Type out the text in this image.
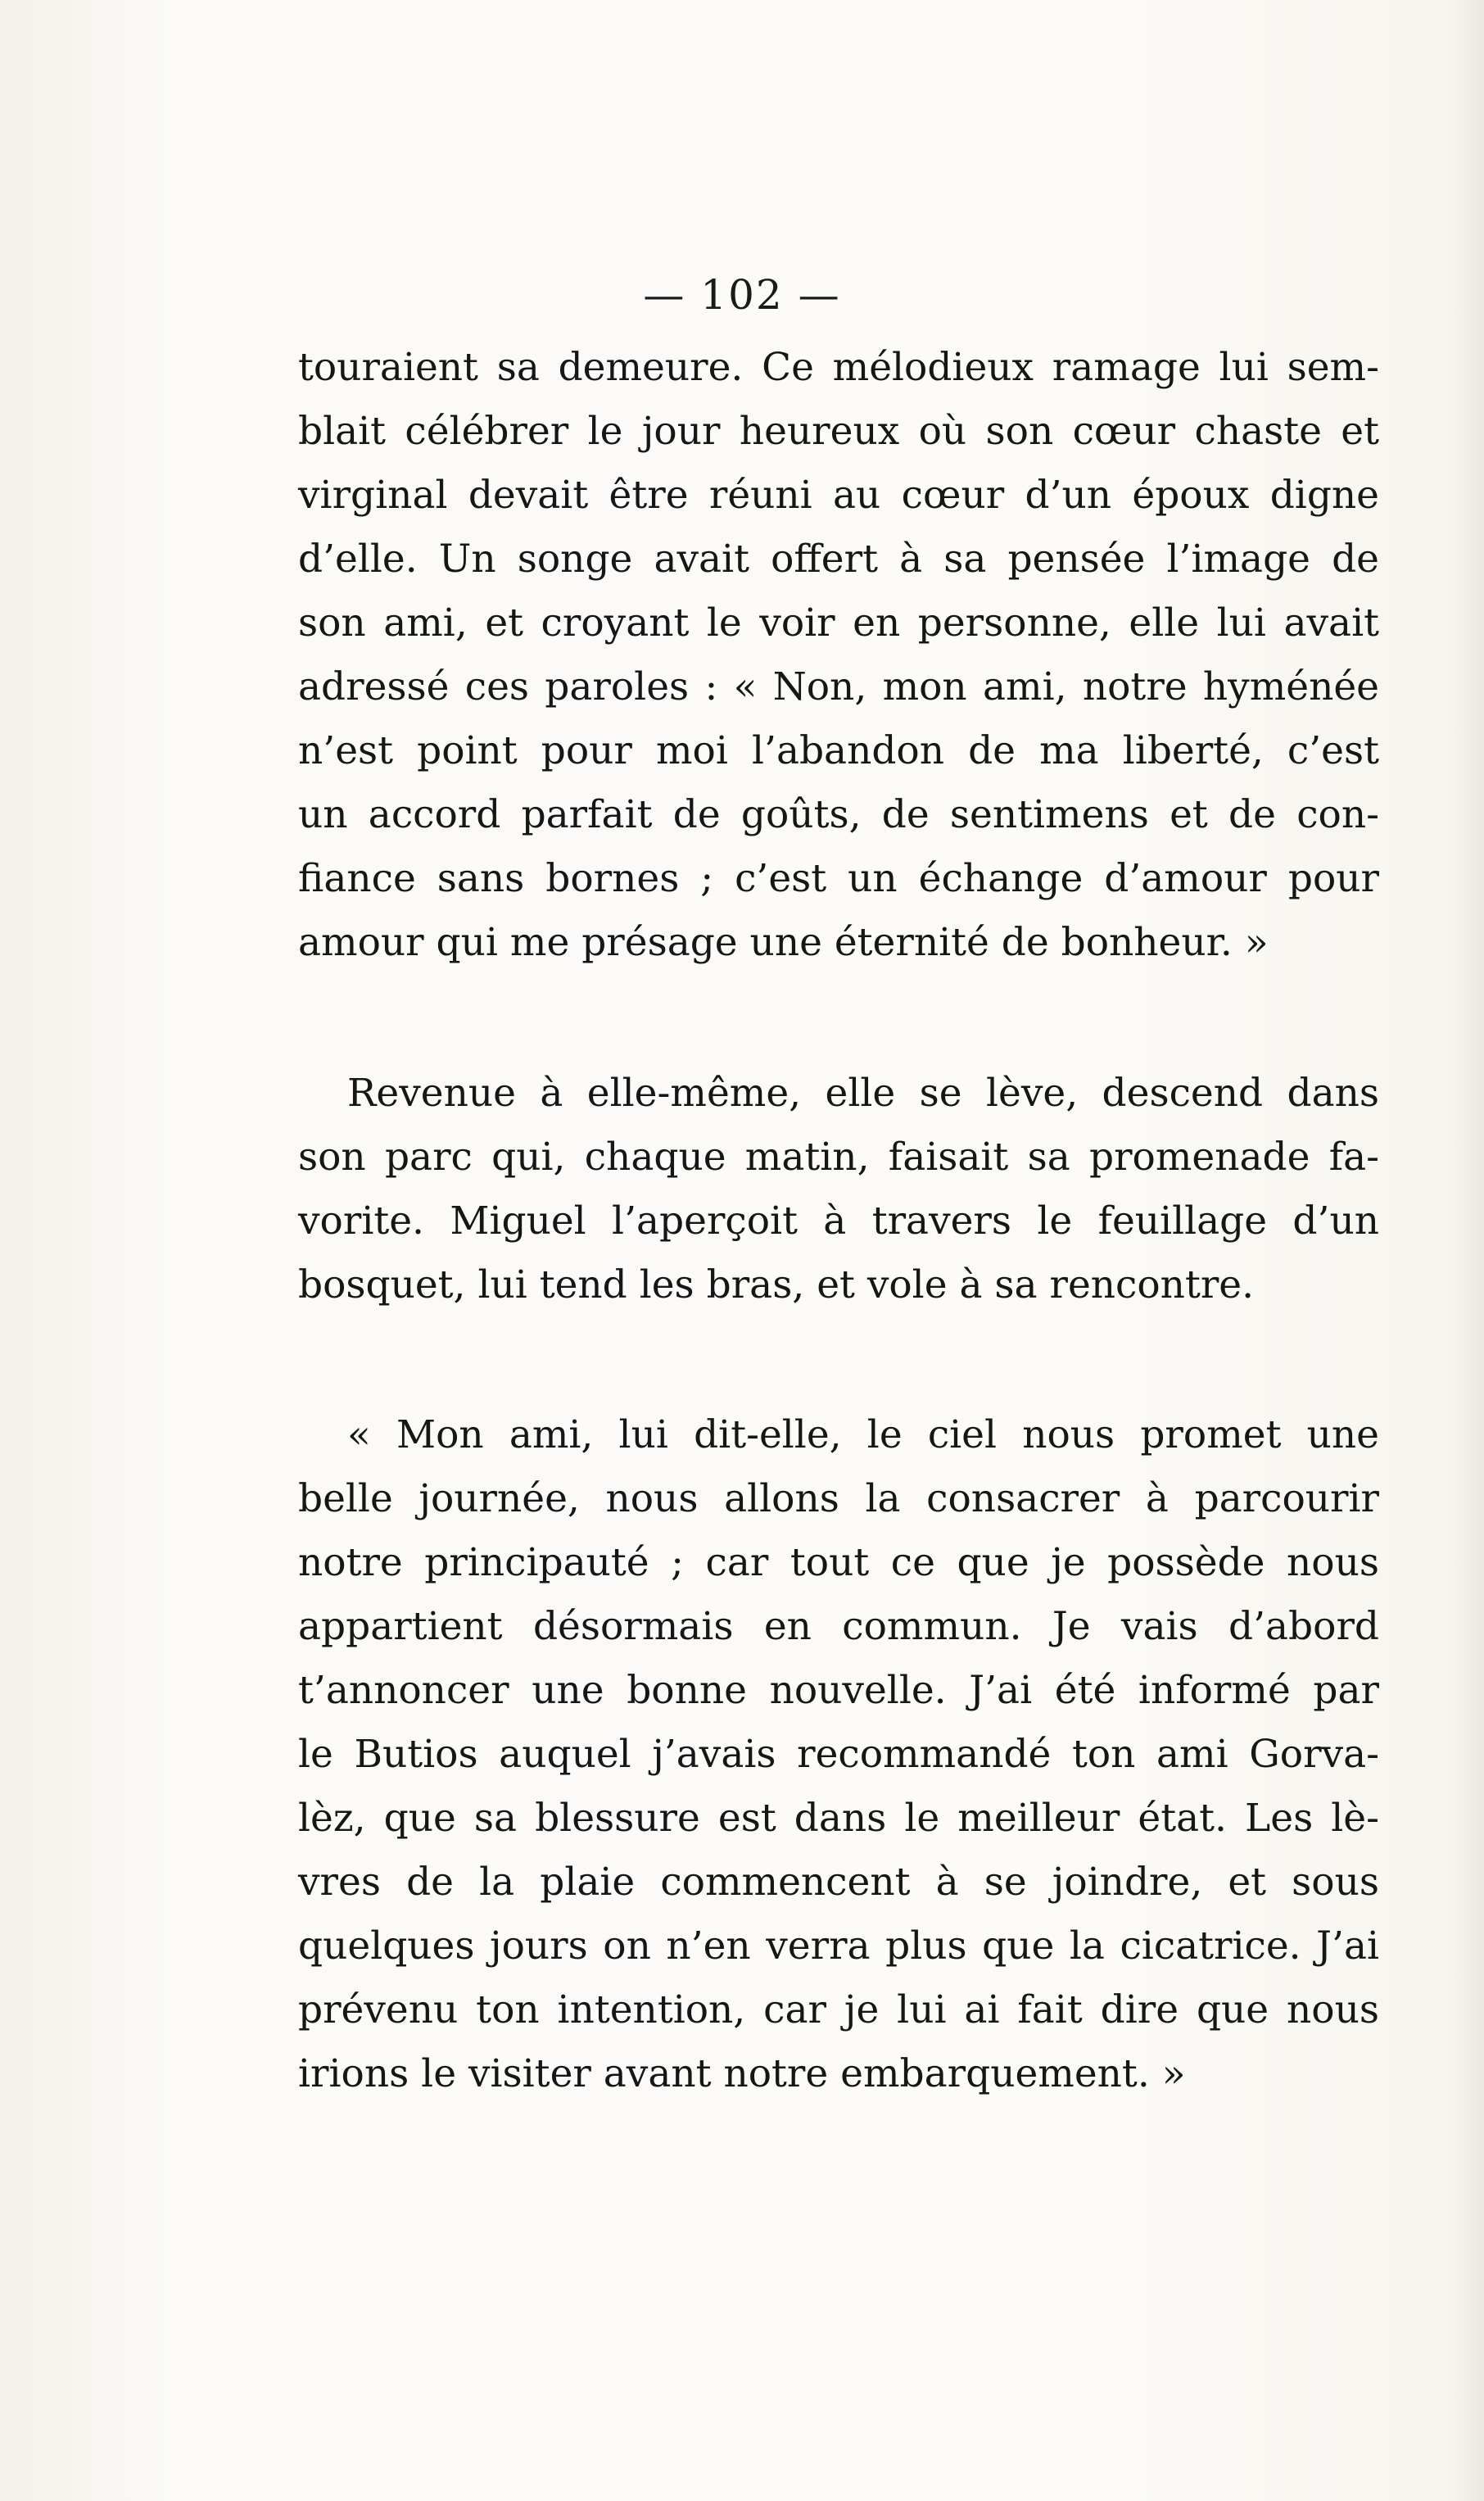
— 102 —
touraient sa demeure. Ce mélodieux ramage lui sem-
blait célébrer le jour heureux où son cœur chaste et
virginal devait être réuni au cœur d’un époux digne
d’elle. Un songe avait offert à sa pensée l’image de
son ami, et croyant le voir en personne, elle lui avait
adressé ces paroles : « Non, mon ami, notre hyménée
n’est point pour moi l’abandon de ma liberté, c’est
un accord parfait de goûts, de sentimens et de con-
fiance sans bornes ; c’est un échange d’amour pour
amour qui me présage une éternité de bonheur. »
Revenue à elle-même, elle se lève, descend dans
son parc qui, chaque matin, faisait sa promenade fa-
vorite. Miguel l’aperçoit à travers le feuillage d’un
bosquet, lui tend les bras, et vole à sa rencontre.
« Mon ami, lui dit-elle, le ciel nous promet une
belle journée, nous allons la consacrer à parcourir
notre principauté ; car tout ce que je possède nous
appartient désormais en commun. Je vais d’abord
t’annoncer une bonne nouvelle. J’ai été informé par
le Butios auquel j’avais recommandé ton ami Gorva-
lèz, que sa blessure est dans le meilleur état. Les lè-
vres de la plaie commencent à se joindre, et sous
quelques jours on n’en verra plus que la cicatrice. J’ai
prévenu ton intention, car je lui ai fait dire que nous
irions le visiter avant notre embarquement. »
